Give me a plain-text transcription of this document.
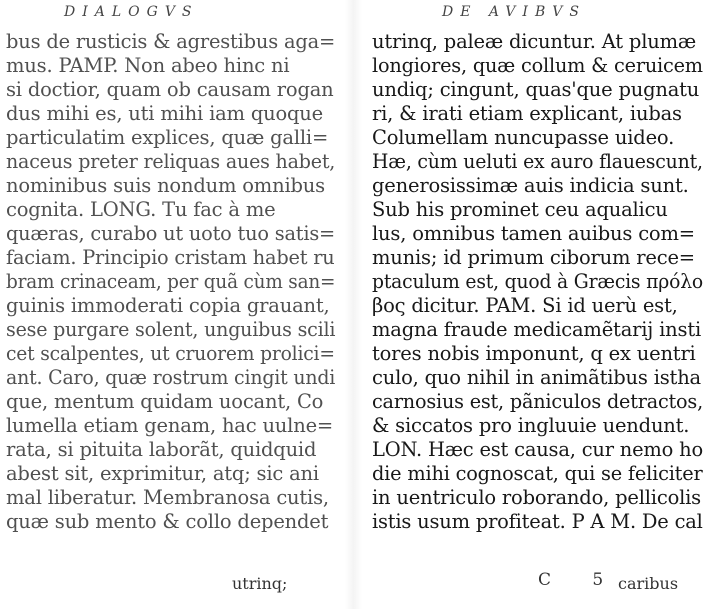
DIALOGVS
bus de rusticis & agrestibus aga=
mus. PAMP. Non abeo hinc ni
si doctior, quam ob causam rogan
dus mihi es, uti mihi iam quoque
particulatim explices, quæ galli=
naceus preter reliquas aues habet,
nominibus suis nondum omnibus
cognita. LONG. Tu fac à me
quæras, curabo ut uoto tuo satis=
faciam. Principio cristam habet ru
bram crinaceam, per quã cùm san=
guinis immoderati copia grauant,
sese purgare solent, unguibus scili
cet scalpentes, ut cruorem prolici=
ant. Caro, quæ rostrum cingit undi
que, mentum quidam uocant, Co
lumella etiam genam, hac uulne=
rata, si pituita laborãt, quidquid
abest sit, exprimitur, atq; sic ani
mal liberatur. Membranosa cutis,
quæ sub mento & collo dependet
utrinq;
DE AVIBVS
utrinq, paleæ dicuntur. At plumæ
longiores, quæ collum & ceruicem
undiq; cingunt, quas'que pugnatu
ri, & irati etiam explicant, iubas
Columellam nuncupasse uideo.
Hæ, cùm ueluti ex auro flauescunt,
generosissimæ auis indicia sunt.
Sub his prominet ceu aqualicu
lus, omnibus tamen auibus com=
munis; id primum ciborum rece=
ptaculum est, quod à Græcis πρόλο
βος dicitur. PAM. Si id uerù est,
magna fraude medicamẽtarij insti
tores nobis imponunt, q ex uentri
culo, quo nihil in animãtibus istha
carnosius est, pãniculos detractos,
& siccatos pro ingluuie uendunt.
LON. Hæc est causa, cur nemo ho
die mihi cognoscat, qui se feliciter
in uentriculo roborando, pellicolis
istis usum profiteat. P A M. De cal
C 5
caribus
